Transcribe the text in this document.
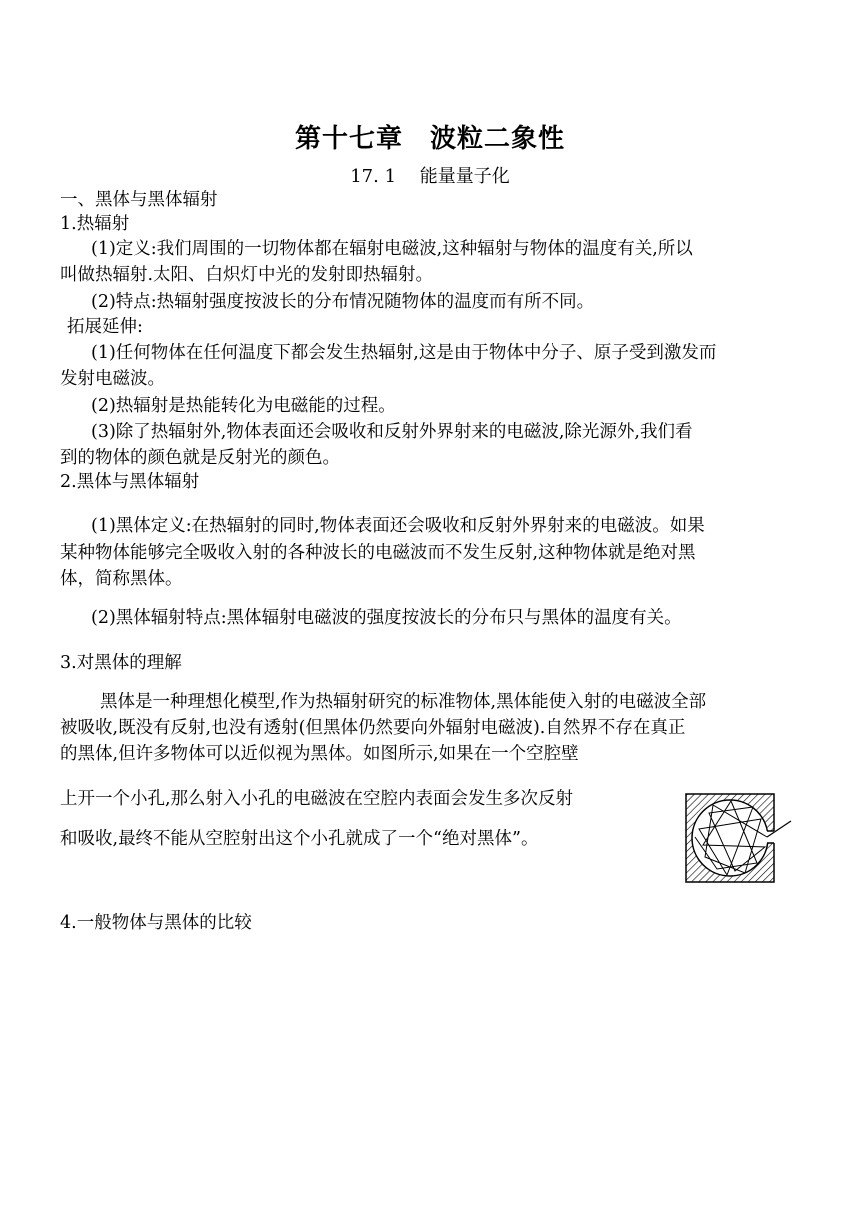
第十七章　波粒二象性
17. 1　 能量量子化
一、黑体与黑体辐射
1.热辐射
(1)定义:我们周围的一切物体都在辐射电磁波,这种辐射与物体的温度有关,所以
叫做热辐射.太阳、白炽灯中光的发射即热辐射。
(2)特点:热辐射强度按波长的分布情况随物体的温度而有所不同。
拓展延伸:
(1)任何物体在任何温度下都会发生热辐射,这是由于物体中分子、原子受到激发而
发射电磁波。
(2)热辐射是热能转化为电磁能的过程。
(3)除了热辐射外,物体表面还会吸收和反射外界射来的电磁波,除光源外,我们看
到的物体的颜色就是反射光的颜色。
2.黑体与黑体辐射
(1)黑体定义:在热辐射的同时,物体表面还会吸收和反射外界射来的电磁波。如果
某种物体能够完全吸收入射的各种波长的电磁波而不发生反射,这种物体就是绝对黑
体，简称黑体。
(2)黑体辐射特点:黑体辐射电磁波的强度按波长的分布只与黑体的温度有关。
3.对黑体的理解
黑体是一种理想化模型,作为热辐射研究的标准物体,黑体能使入射的电磁波全部
被吸收,既没有反射,也没有透射(但黑体仍然要向外辐射电磁波).自然界不存在真正
的黑体,但许多物体可以近似视为黑体。如图所示,如果在一个空腔壁
上开一个小孔,那么射入小孔的电磁波在空腔内表面会发生多次反射
和吸收,最终不能从空腔射出这个小孔就成了一个“绝对黑体”。
4.一般物体与黑体的比较
